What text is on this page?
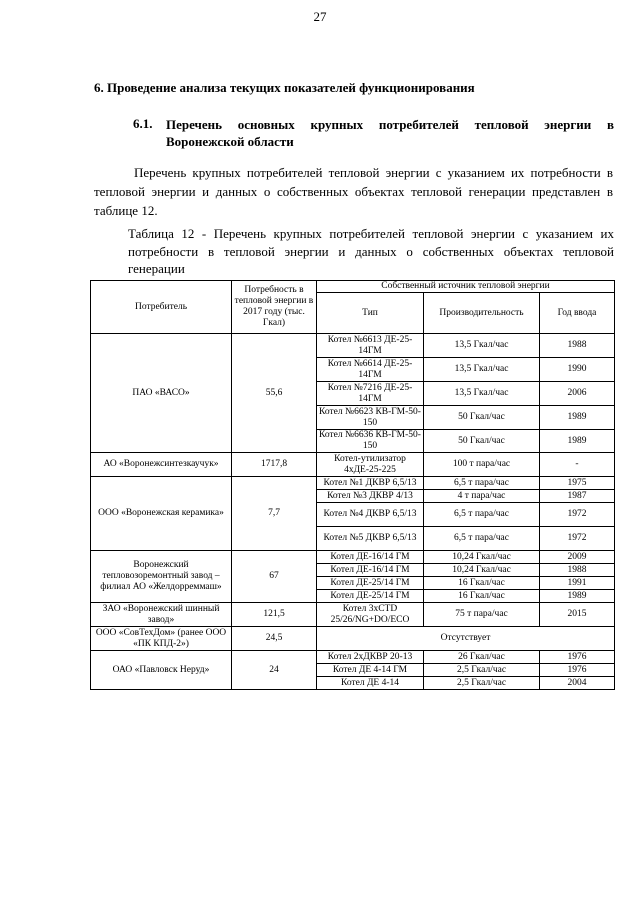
27
6. Проведение анализа текущих показателей функционирования
6.1. Перечень основных крупных потребителей тепловой энергии в Воронежской области
Перечень крупных потребителей тепловой энергии с указанием их потребности в тепловой энергии и данных о собственных объектах тепловой генерации представлен в таблице 12.
Таблица 12 - Перечень крупных потребителей тепловой энергии с указанием их потребности в тепловой энергии и данных о собственных объектах тепловой генерации
Потребитель	Потребность в тепловой энергии в 2017 году (тыс. Гкал)	Собственный источник тепловой энергии		
		Тип	Производительность	Год ввода
ПАО «ВАСО»	55,6	Котел №6613 ДЕ-25-14ГМ	13,5 Гкал/час	1988
		Котел №6614 ДЕ-25-14ГМ	13,5 Гкал/час	1990
		Котел №7216 ДЕ-25-14ГМ	13,5 Гкал/час	2006
		Котел №6623 КВ-ГМ-50-150	50 Гкал/час	1989
		Котел №6636 КВ-ГМ-50-150	50 Гкал/час	1989
АО «Воронежсинтезкаучук»	1717,8	Котел-утилизатор 4хДЕ-25-225	100 т пара/час	-
ООО «Воронежская керамика»	7,7	Котел №1 ДКВР 6,5/13	6,5 т пара/час	1975
		Котел №3 ДКВР 4/13	4 т пара/час	1987
		Котел №4 ДКВР 6,5/13	6,5 т пара/час	1972
		Котел №5 ДКВР 6,5/13	6,5 т пара/час	1972
Воронежский тепловозоремонтный завод – филиал АО «Желдорреммаш»	67	Котел ДЕ-16/14 ГМ	10,24 Гкал/час	2009
		Котел ДЕ-16/14 ГМ	10,24 Гкал/час	1988
		Котел ДЕ-25/14 ГМ	16 Гкал/час	1991
		Котел ДЕ-25/14 ГМ	16 Гкал/час	1989
ЗАО «Воронежский шинный завод»	121,5	Котел 3хCTD 25/26/NG+DO/ECO	75 т пара/час	2015
ООО «СовТехДом» (ранее ООО «ПК КПД-2»)	24,5	Отсутствует		
ОАО «Павловск Неруд»	24	Котел 2хДКВР 20-13	26 Гкал/час	1976
		Котел ДЕ 4-14 ГМ	2,5 Гкал/час	1976
		Котел ДЕ 4-14	2,5 Гкал/час	2004
